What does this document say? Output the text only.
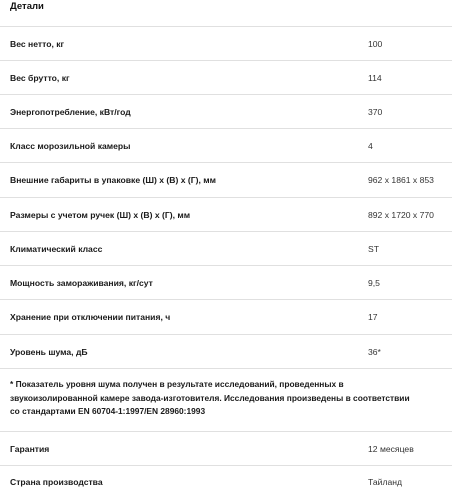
Детали
Вес нетто, кг	100
Вес брутто, кг	114
Энергопотребление, кВт/год	370
Класс морозильной камеры	4
Внешние габариты в упаковке (Ш) x (В) x (Г), мм	962 x 1861 x 853
Размеры с учетом ручек (Ш) x (В) x (Г), мм	892 x 1720 x 770
Климатический класс	ST
Мощность замораживания, кг/сут	9,5
Хранение при отключении питания, ч	17
Уровень шума, дБ	36*
* Показатель уровня шума получен в результате исследований, проведенных в звукоизолированной камере завода-изготовителя. Исследования произведены в соответствии со стандартами EN 60704-1:1997/EN 28960:1993
Гарантия	12 месяцев
Страна производства	Тайланд
